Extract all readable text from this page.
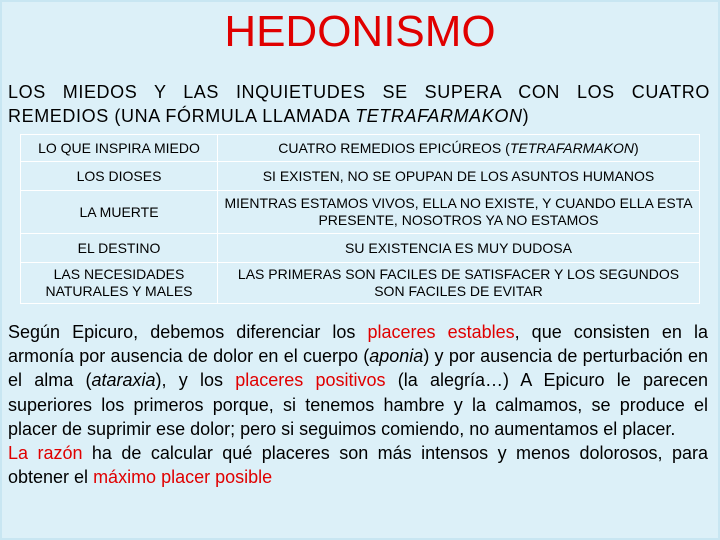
HEDONISMO
LOS MIEDOS Y LAS INQUIETUDES SE SUPERA CON LOS CUATRO REMEDIOS (UNA FÓRMULA LLAMADA TETRAFARMAKON)
LO QUE INSPIRA MIEDO	CUATRO REMEDIOS EPICÚREOS (TETRAFARMAKON)
LOS DIOSES	SI EXISTEN, NO SE OPUPAN DE LOS ASUNTOS HUMANOS
LA MUERTE	MIENTRAS ESTAMOS VIVOS, ELLA NO EXISTE, Y CUANDO ELLA ESTA PRESENTE, NOSOTROS YA NO ESTAMOS
EL DESTINO	SU EXISTENCIA ES MUY DUDOSA
LAS NECESIDADES NATURALES Y MALES	LAS PRIMERAS SON FACILES DE SATISFACER Y LOS SEGUNDOS SON FACILES DE EVITAR

Según Epicuro, debemos diferenciar los placeres estables, que consisten en la armonía por ausencia de dolor en el cuerpo (aponia) y por ausencia de perturbación en el alma (ataraxia), y los placeres positivos (la alegría…) A Epicuro le parecen superiores los primeros porque, si tenemos hambre y la calmamos, se produce el placer de suprimir ese dolor; pero si seguimos comiendo, no aumentamos el placer.

La razón ha de calcular qué placeres son más intensos y menos dolorosos, para obtener el máximo placer posible
